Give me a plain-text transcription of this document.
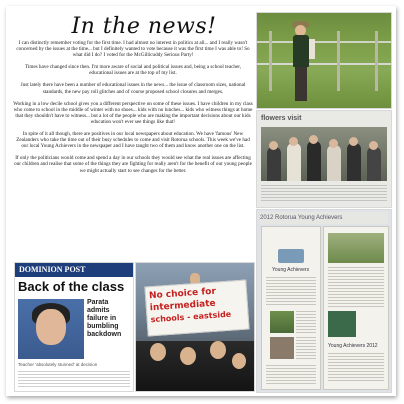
In the news!

I can distinctly remember voting for the first time. I had almost no interest in politics at all... and I really wasn't concerned by the issues at the time... but I definitely wanted to vote because it was the first time I was able to! So what did I do? I voted for the McGillicuddy Serious Party!

Times have changed since then. I'm more aware of social and political issues and, being a school teacher, educational issues are at the top of my list.

Just lately there have been a number of educational issues in the news... the issue of classroom sizes, national standards, the new pay roll glitches and of course proposed school closures and merges.

Working in a low decile school gives you a different perspective on some of these issues. I have children in my class who come to school in the middle of winter with no shoes... kids with no lunches... kids who witness things at home that they shouldn't have to witness... but a lot of the people who are making the important decisions about our kids education won't ever see things like that!

In spite of it all though, there are positives in our local newspapers about education. We have 'famous' New Zealanders who take the time out of their busy schedules to come and visit Rotorua schools. This week we've had our local Young Achievers in the newspaper and I have taught two of them and know another one on the list.

If only the politicians would come and spend a day in our schools they would see what the real issues are affecting our children and realise that some of the things they are fighting for really aren't for the benefit of our young people we might actually start to see changes for the better.

flowers visit
2012 Rotorua Young Achievers
Young Achievers
Young Achievers 2012
DOMINION POST
Back of the class
Parata
admits
failure in
bumbling
backdown
Teacher 'absolutely stunned' at decision
No choice for
intermediate
schools - eastside
